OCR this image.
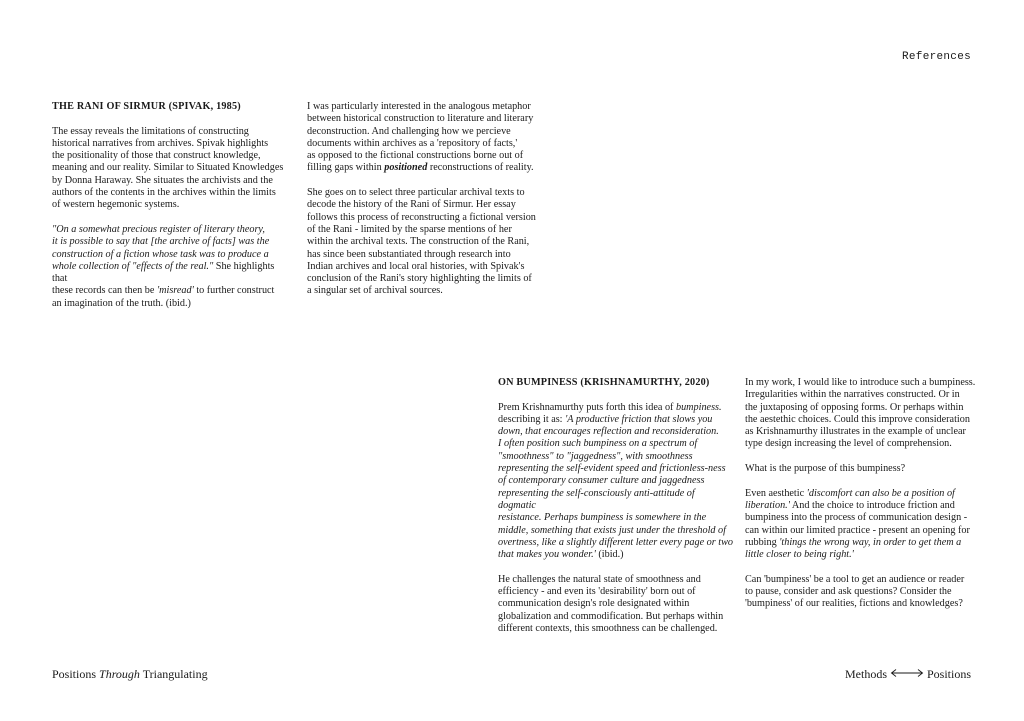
References
THE RANI OF SIRMUR (SPIVAK, 1985)

The essay reveals the limitations of constructing
historical narratives from archives. Spivak highlights
the positionality of those that construct knowledge,
meaning and our reality. Similar to Situated Knowledges
by Donna Haraway. She situates the archivists and the
authors of the contents in the archives within the limits
of western hegemonic systems.

"On a somewhat precious register of literary theory,
it is possible to say that [the archive of facts] was the
construction of a fiction whose task was to produce a
whole collection of "effects of the real." She highlights that
these records can then be 'misread' to further construct
an imagination of the truth. (ibid.)

I was particularly interested in the analogous metaphor
between historical construction to literature and literary
deconstruction. And challenging how we percieve
documents within archives as a 'repository of facts,'
as opposed to the fictional constructions borne out of
filling gaps within positioned reconstructions of reality.

She goes on to select three particular archival texts to
decode the history of the Rani of Sirmur. Her essay
follows this process of reconstructing a fictional version
of the Rani - limited by the sparse mentions of her
within the archival texts. The construction of the Rani,
has since been substantiated through research into
Indian archives and local oral histories, with Spivak's
conclusion of the Rani's story highlighting the limits of
a singular set of archival sources.

ON BUMPINESS (KRISHNAMURTHY, 2020)

Prem Krishnamurthy puts forth this idea of bumpiness.
describing it as: 'A productive friction that slows you
down, that encourages reflection and reconsideration.
I often position such bumpiness on a spectrum of
"smoothness" to "jaggedness", with smoothness
representing the self-evident speed and frictionless-ness
of contemporary consumer culture and jaggedness
representing the self-consciously anti-attitude of dogmatic
resistance. Perhaps bumpiness is somewhere in the
middle, something that exists just under the threshold of
overtness, like a slightly different letter every page or two
that makes you wonder.' (ibid.)

He challenges the natural state of smoothness and
efficiency - and even its 'desirability' born out of
communication design's role designated within
globalization and commodification. But perhaps within
different contexts, this smoothness can be challenged.

In my work, I would like to introduce such a bumpiness.
Irregularities within the narratives constructed. Or in
the juxtaposing of opposing forms. Or perhaps within
the aestethic choices. Could this improve consideration
as Krishnamurthy illustrates in the example of unclear
type design increasing the level of comprehension.

What is the purpose of this bumpiness?

Even aesthetic 'discomfort can also be a position of
liberation.' And the choice to introduce friction and
bumpiness into the process of communication design -
can within our limited practice - present an opening for
rubbing 'things the wrong way, in order to get them a
little closer to being right.'

Can 'bumpiness' be a tool to get an audience or reader
to pause, consider and ask questions? Consider the
'bumpiness' of our realities, fictions and knowledges?

Positions Through Triangulating	Methods	Positions
